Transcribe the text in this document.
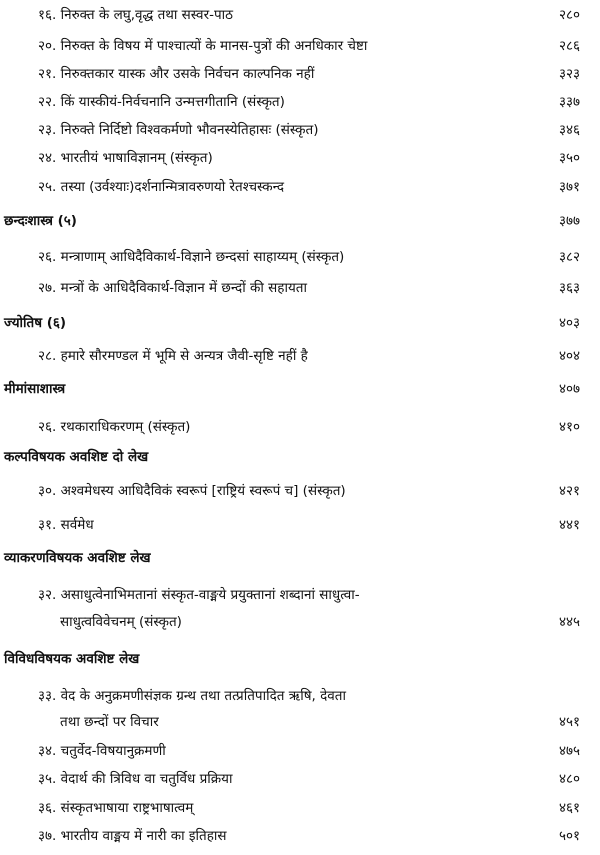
१६. निरुक्त के लघु,वृद्ध तथा सस्वर-पाठ	२८०
२०. निरुक्त के विषय में पाश्चात्यों के मानस-पुत्रों की अनधिकार चेष्टा	२८६
२१. निरुक्तकार यास्क और उसके निर्वचन काल्पनिक नहीं	३२३
२२. किं यास्कीयं-निर्वचनानि उन्मत्तगीतानि (संस्कृत)	३३७
२३. निरुक्ते निर्दिष्टो विश्वकर्मणो भौवनस्येतिहासः (संस्कृत)	३४६
२४. भारतीयं भाषाविज्ञानम् (संस्कृत)	३५०
२५. तस्या (उर्वश्याः)दर्शनान्मित्रावरुणयो रेतश्चस्कन्द	३७१
छन्दःशास्त्र (५)	३७७
२६. मन्त्राणाम् आधिदैविकार्थ-विज्ञाने छन्दसां साहाय्यम् (संस्कृत)	३८२
२७. मन्त्रों के आधिदैविकार्थ-विज्ञान में छन्दों की सहायता	३६३
ज्योतिष (६)	४०३
२८. हमारे सौरमण्डल में भूमि से अन्यत्र जैवी-सृष्टि नहीं है	४०४
मीमांसाशास्त्र	४०७
२६. रथकाराधिकरणम् (संस्कृत)	४१०
कल्पविषयक अवशिष्ट दो लेख
३०. अश्वमेधस्य आधिदैविकं स्वरूपं [राष्ट्रियं स्वरूपं च] (संस्कृत)	४२१
३१. सर्वमेध	४४१
व्याकरणविषयक अवशिष्ट लेख
३२. असाधुत्वेनाभिमतानां संस्कृत-वाङ्मये प्रयुक्तानां शब्दानां साधुत्वा-
साधुत्वविवेचनम् (संस्कृत)	४४५
विविधविषयक अवशिष्ट लेख
३३. वेद के अनुक्रमणीसंज्ञक ग्रन्थ तथा तत्प्रतिपादित ऋषि, देवता
तथा छन्दों पर विचार	४५१
३४. चतुर्वेद-विषयानुक्रमणी	४७५
३५. वेदार्थ की त्रिविध वा चतुर्विध प्रक्रिया	४८०
३६. संस्कृतभाषाया राष्ट्रभाषात्वम्	४६१
३७. भारतीय वाङ्मय में नारी का इतिहास	५०१
